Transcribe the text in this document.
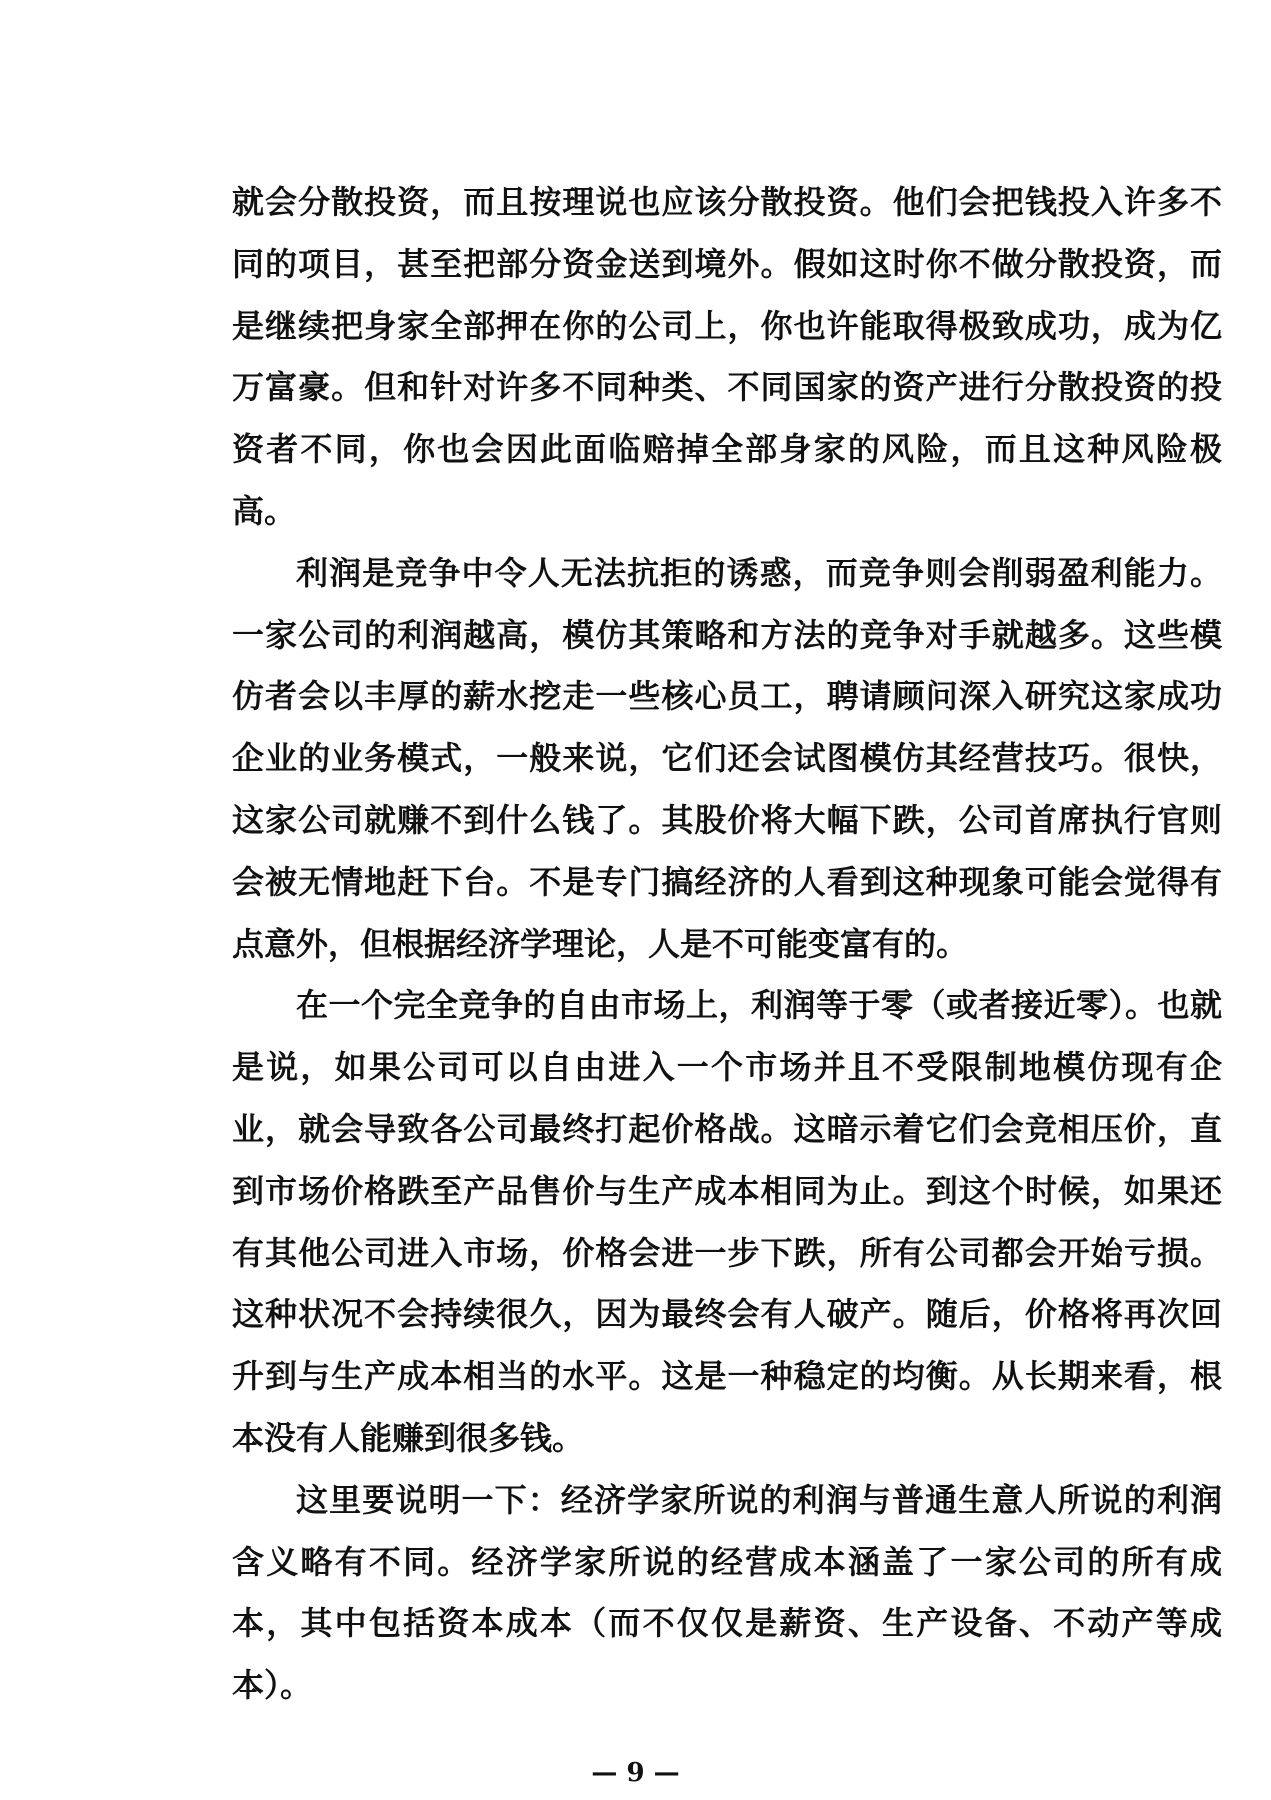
就会分散投资，而且按理说也应该分散投资。他们会把钱投入许多不同的项目，甚至把部分资金送到境外。假如这时你不做分散投资，而是继续把身家全部押在你的公司上，你也许能取得极致成功，成为亿万富豪。但和针对许多不同种类、不同国家的资产进行分散投资的投资者不同，你也会因此面临赔掉全部身家的风险，而且这种风险极高。

利润是竞争中令人无法抗拒的诱惑，而竞争则会削弱盈利能力。一家公司的利润越高，模仿其策略和方法的竞争对手就越多。这些模仿者会以丰厚的薪水挖走一些核心员工，聘请顾问深入研究这家成功企业的业务模式，一般来说，它们还会试图模仿其经营技巧。很快，这家公司就赚不到什么钱了。其股价将大幅下跌，公司首席执行官则会被无情地赶下台。不是专门搞经济的人看到这种现象可能会觉得有点意外，但根据经济学理论，人是不可能变富有的。

在一个完全竞争的自由市场上，利润等于零（或者接近零）。也就是说，如果公司可以自由进入一个市场并且不受限制地模仿现有企业，就会导致各公司最终打起价格战。这暗示着它们会竞相压价，直到市场价格跌至产品售价与生产成本相同为止。到这个时候，如果还有其他公司进入市场，价格会进一步下跌，所有公司都会开始亏损。这种状况不会持续很久，因为最终会有人破产。随后，价格将再次回升到与生产成本相当的水平。这是一种稳定的均衡。从长期来看，根本没有人能赚到很多钱。

这里要说明一下：经济学家所说的利润与普通生意人所说的利润含义略有不同。经济学家所说的经营成本涵盖了一家公司的所有成本，其中包括资本成本（而不仅仅是薪资、生产设备、不动产等成本）。

— 9 —
